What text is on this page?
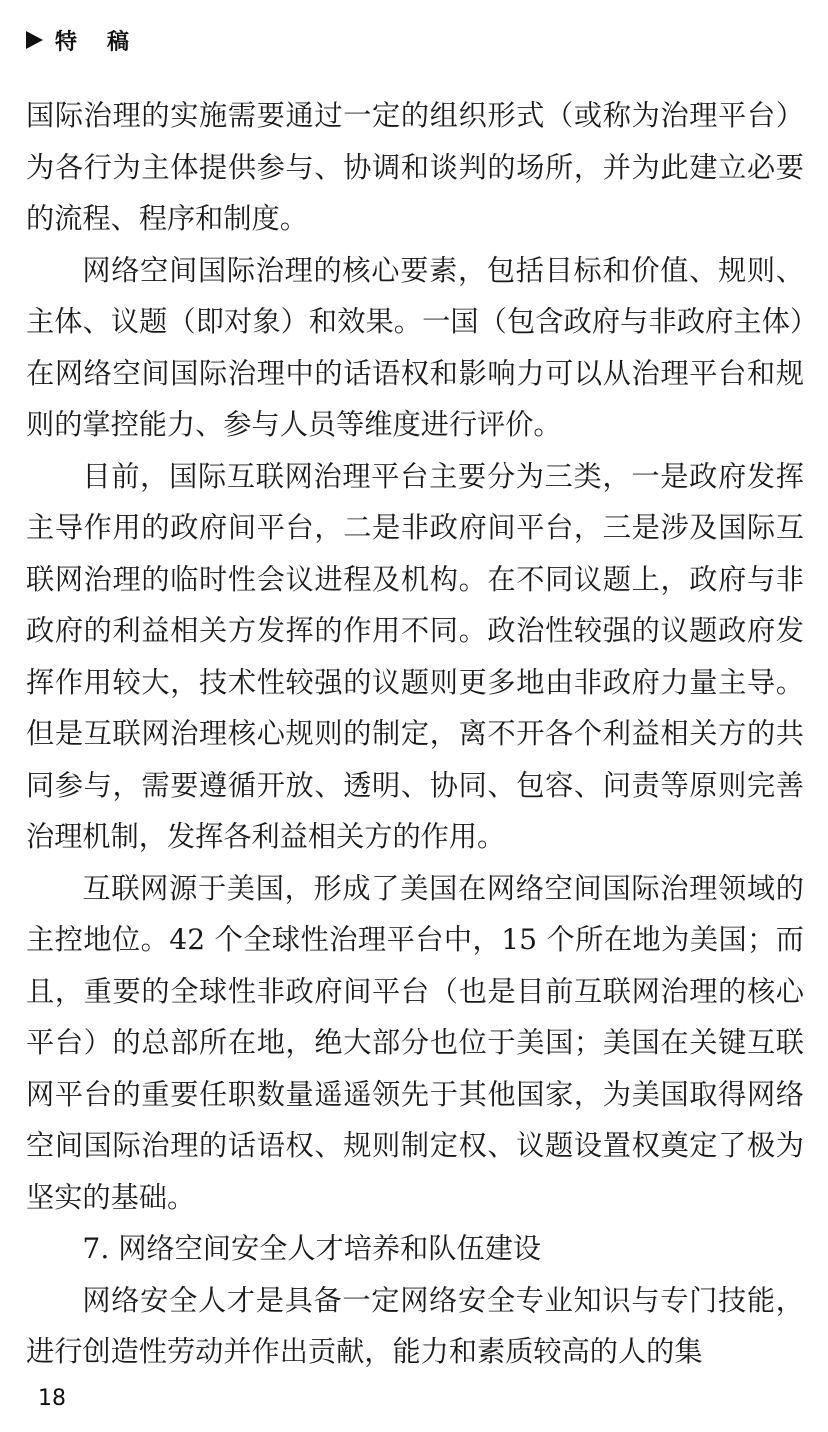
特稿

国际治理的实施需要通过一定的组织形式（或称为治理平台）为各行为主体提供参与、协调和谈判的场所，并为此建立必要的流程、程序和制度。

网络空间国际治理的核心要素，包括目标和价值、规则、主体、议题（即对象）和效果。一国（包含政府与非政府主体）在网络空间国际治理中的话语权和影响力可以从治理平台和规则的掌控能力、参与人员等维度进行评价。

目前，国际互联网治理平台主要分为三类，一是政府发挥主导作用的政府间平台，二是非政府间平台，三是涉及国际互联网治理的临时性会议进程及机构。在不同议题上，政府与非政府的利益相关方发挥的作用不同。政治性较强的议题政府发挥作用较大，技术性较强的议题则更多地由非政府力量主导。但是互联网治理核心规则的制定，离不开各个利益相关方的共同参与，需要遵循开放、透明、协同、包容、问责等原则完善治理机制，发挥各利益相关方的作用。

互联网源于美国，形成了美国在网络空间国际治理领域的主控地位。42 个全球性治理平台中，15 个所在地为美国；而且，重要的全球性非政府间平台（也是目前互联网治理的核心平台）的总部所在地，绝大部分也位于美国；美国在关键互联网平台的重要任职数量遥遥领先于其他国家，为美国取得网络空间国际治理的话语权、规则制定权、议题设置权奠定了极为坚实的基础。

7. 网络空间安全人才培养和队伍建设

网络安全人才是具备一定网络安全专业知识与专门技能，进行创造性劳动并作出贡献，能力和素质较高的人的集

18
